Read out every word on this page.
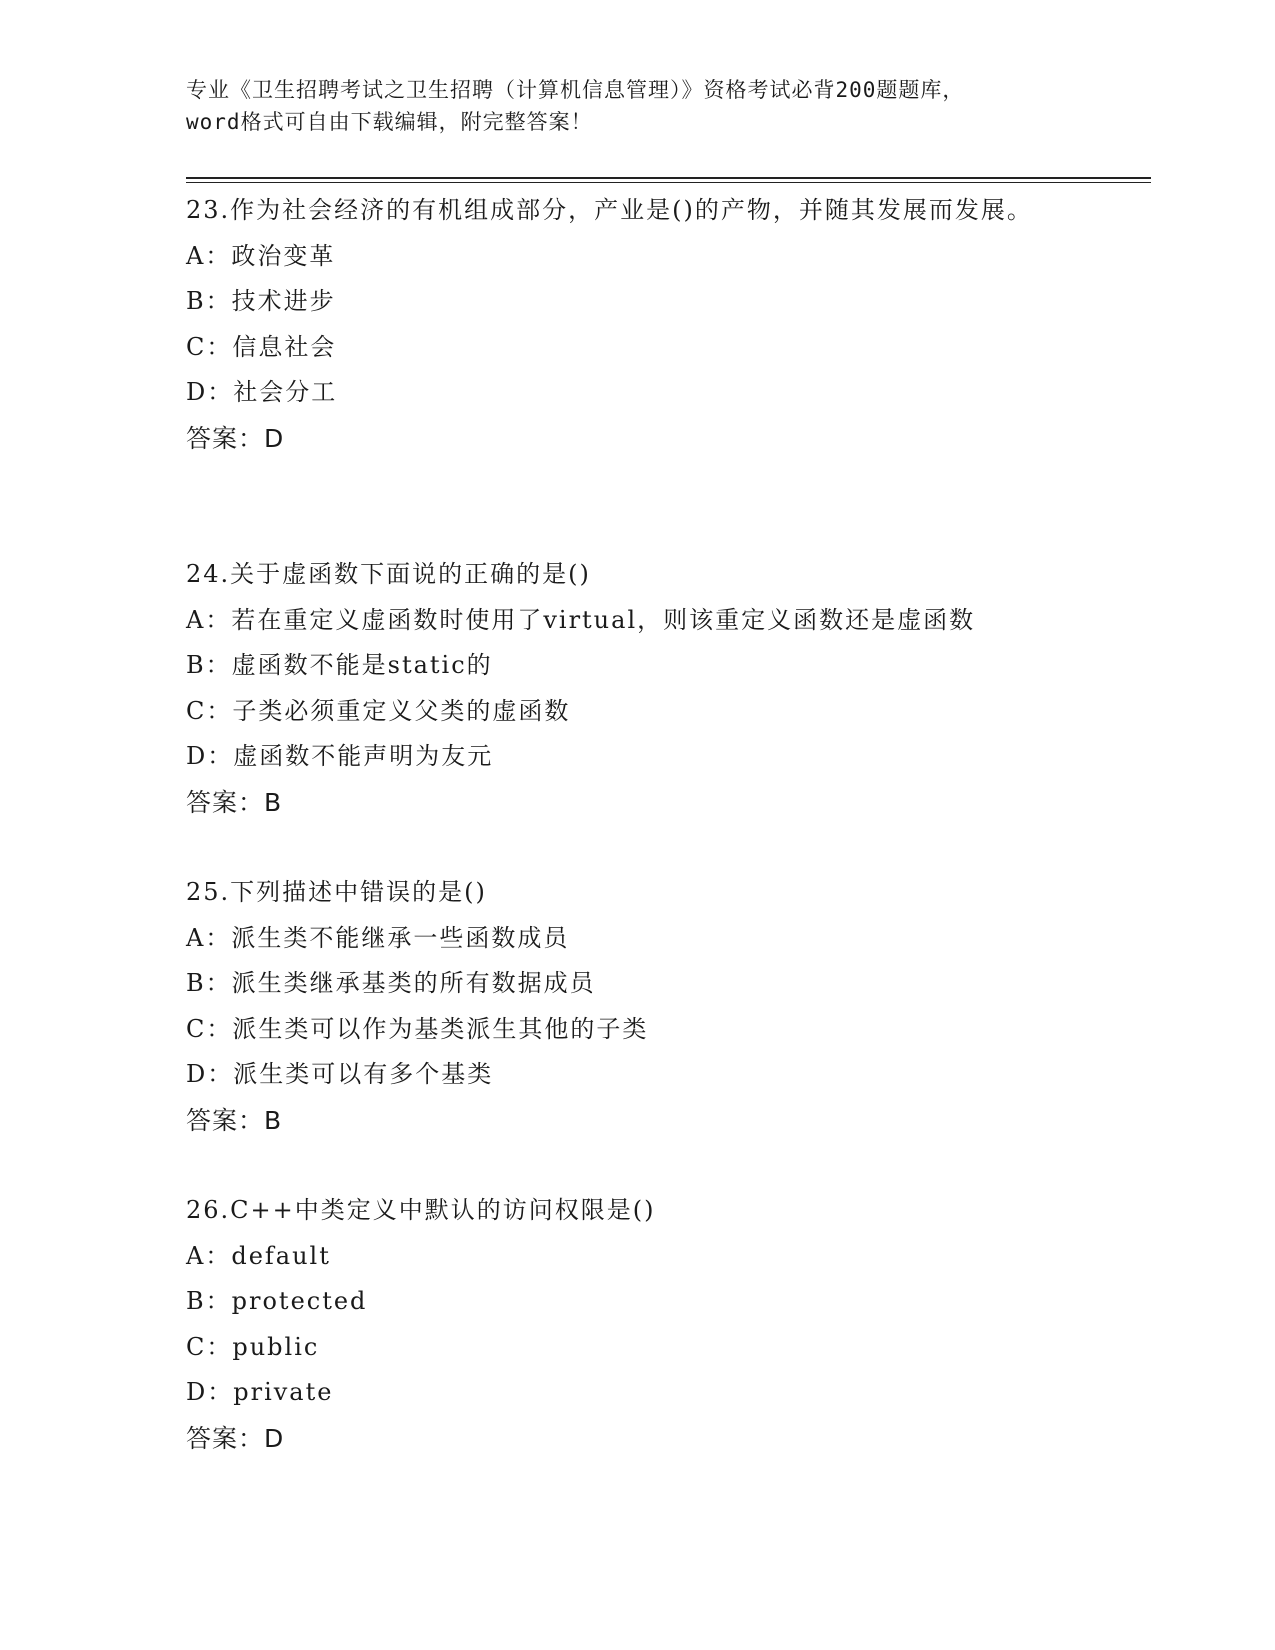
专业《卫生招聘考试之卫生招聘（计算机信息管理）》资格考试必背200题题库，
word格式可自由下载编辑，附完整答案！
23.作为社会经济的有机组成部分，产业是()的产物，并随其发展而发展。
A：政治变革
B：技术进步
C：信息社会
D：社会分工
答案：D
24.关于虚函数下面说的正确的是()
A：若在重定义虚函数时使用了virtual，则该重定义函数还是虚函数
B：虚函数不能是static的
C：子类必须重定义父类的虚函数
D：虚函数不能声明为友元
答案：B
25.下列描述中错误的是()
A：派生类不能继承一些函数成员
B：派生类继承基类的所有数据成员
C：派生类可以作为基类派生其他的子类
D：派生类可以有多个基类
答案：B
26.C++中类定义中默认的访问权限是()
A：default
B：protected
C：public
D：private
答案：D
